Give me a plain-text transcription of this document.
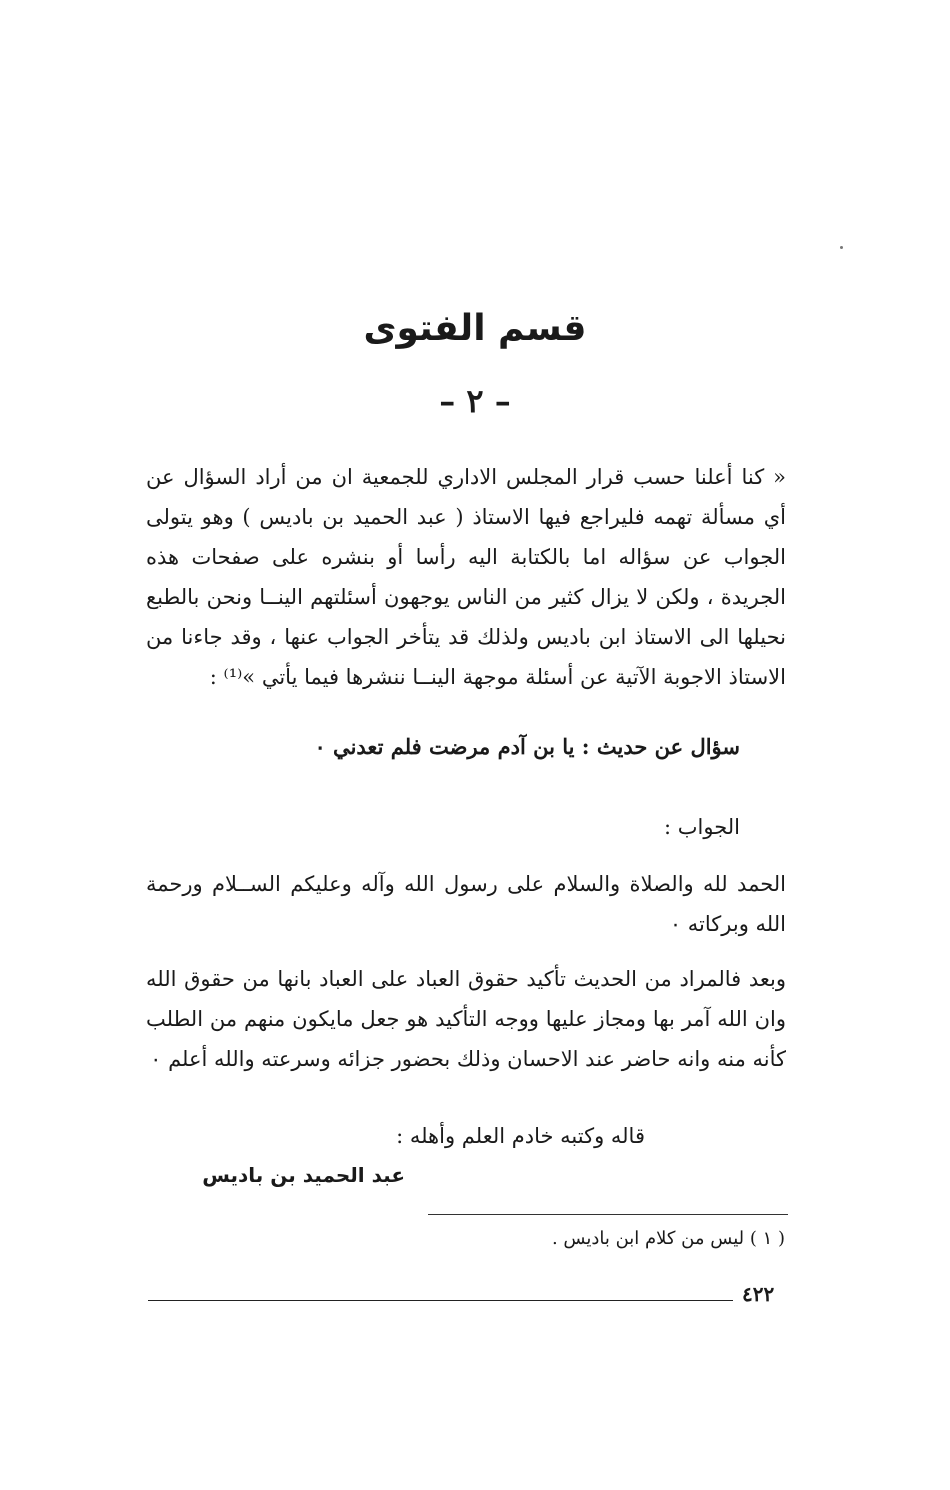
قسم الفتوى
– ٢ –
« كنا أعلنا حسب قرار المجلس الاداري للجمعية ان من أراد السؤال عن أي مسألة تهمه فليراجع فيها الاستاذ ( عبد الحميد بن باديس ) وهو يتولى الجواب عن سؤاله اما بالكتابة اليه رأسا أو بنشره على صفحات هذه الجريدة ، ولكن لا يزال كثير من الناس يوجهون أسئلتهم الينــا ونحن بالطبع نحيلها الى الاستاذ ابن باديس ولذلك قد يتأخر الجواب عنها ، وقد جاءنا من الاستاذ الاجوبة الآتية عن أسئلة موجهة الينــا ننشرها فيما يأتي »⁽¹⁾ :
سؤال عن حديث : يا بن آدم مرضت فلم تعدني ٠
الجواب :
الحمد لله والصلاة والسلام على رسول الله وآله وعليكم الســلام ورحمة الله وبركاته ٠
وبعد فالمراد من الحديث تأكيد حقوق العباد على العباد بانها من حقوق الله وان الله آمر بها ومجاز عليها ووجه التأكيد هو جعل مايكون منهم من الطلب كأنه منه وانه حاضر عند الاحسان وذلك بحضور جزائه وسرعته والله أعلم ٠
قاله وكتبه خادم العلم وأهله :
عبد الحميد بن باديس
( ١ ) ليس من كلام ابن باديس .
٤٢٢
